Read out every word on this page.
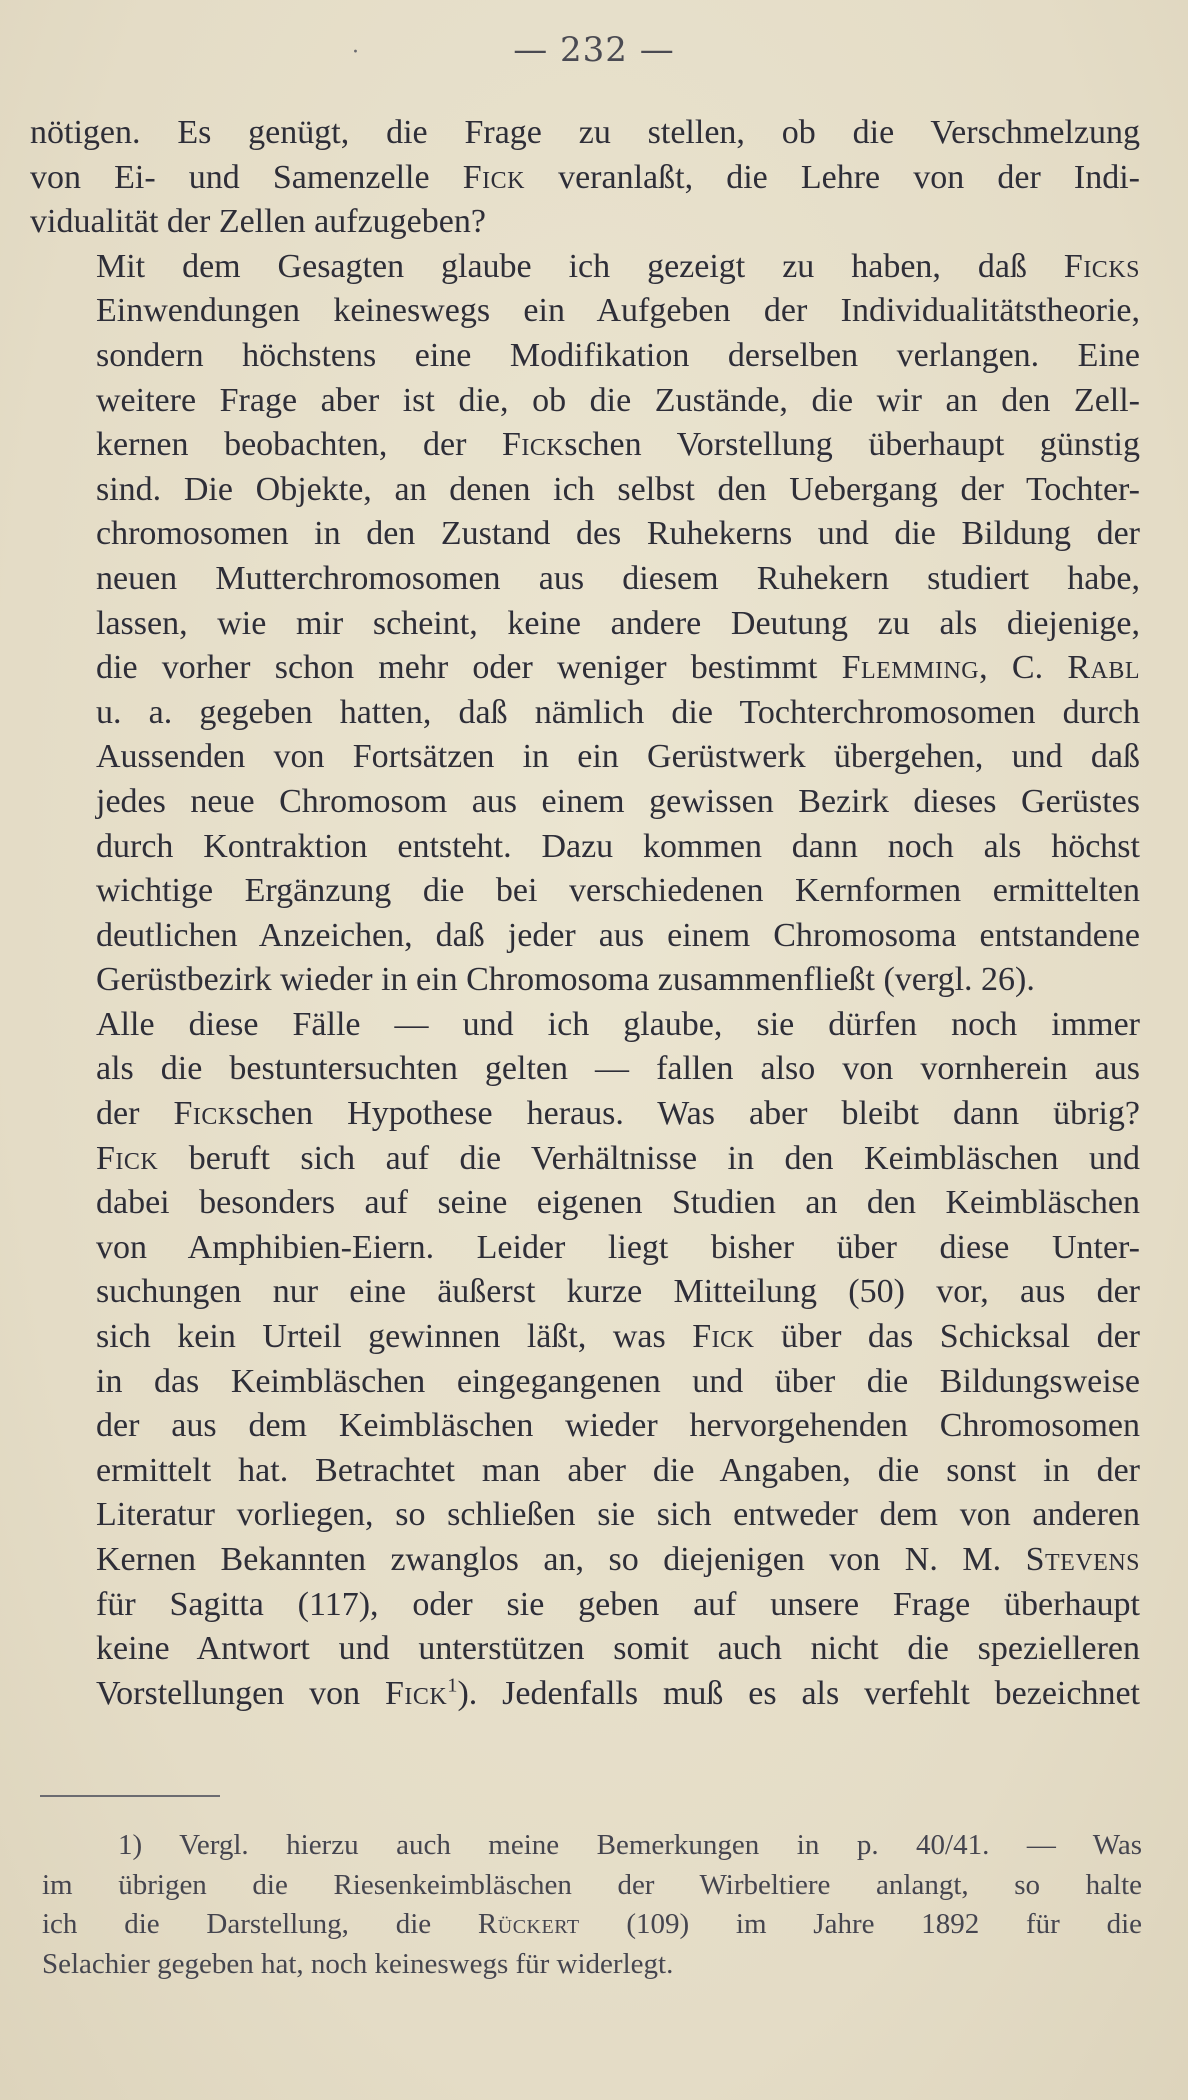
·	— 232 —

nötigen. Es genügt, die Frage zu stellen, ob die Verschmelzung
von Ei- und Samenzelle Fick veranlaßt, die Lehre von der Indi-
vidualität der Zellen aufzugeben?

Mit dem Gesagten glaube ich gezeigt zu haben, daß Ficks
Einwendungen keineswegs ein Aufgeben der Individualitätstheorie,
sondern höchstens eine Modifikation derselben verlangen. Eine
weitere Frage aber ist die, ob die Zustände, die wir an den Zell-
kernen beobachten, der Fickschen Vorstellung überhaupt günstig
sind. Die Objekte, an denen ich selbst den Uebergang der Tochter-
chromosomen in den Zustand des Ruhekerns und die Bildung der
neuen Mutterchromosomen aus diesem Ruhekern studiert habe,
lassen, wie mir scheint, keine andere Deutung zu als diejenige,
die vorher schon mehr oder weniger bestimmt Flemming, C. Rabl
u. a. gegeben hatten, daß nämlich die Tochterchromosomen durch
Aussenden von Fortsätzen in ein Gerüstwerk übergehen, und daß
jedes neue Chromosom aus einem gewissen Bezirk dieses Gerüstes
durch Kontraktion entsteht. Dazu kommen dann noch als höchst
wichtige Ergänzung die bei verschiedenen Kernformen ermittelten
deutlichen Anzeichen, daß jeder aus einem Chromosoma entstandene
Gerüstbezirk wieder in ein Chromosoma zusammenfließt (vergl. 26).

Alle diese Fälle — und ich glaube, sie dürfen noch immer
als die bestuntersuchten gelten — fallen also von vornherein aus
der Fickschen Hypothese heraus. Was aber bleibt dann übrig?
Fick beruft sich auf die Verhältnisse in den Keimbläschen und
dabei besonders auf seine eigenen Studien an den Keimbläschen
von Amphibien-Eiern. Leider liegt bisher über diese Unter-
suchungen nur eine äußerst kurze Mitteilung (50) vor, aus der
sich kein Urteil gewinnen läßt, was Fick über das Schicksal der
in das Keimbläschen eingegangenen und über die Bildungsweise
der aus dem Keimbläschen wieder hervorgehenden Chromosomen
ermittelt hat. Betrachtet man aber die Angaben, die sonst in der
Literatur vorliegen, so schließen sie sich entweder dem von anderen
Kernen Bekannten zwanglos an, so diejenigen von N. M. Stevens
für Sagitta (117), oder sie geben auf unsere Frage überhaupt
keine Antwort und unterstützen somit auch nicht die spezielleren
Vorstellungen von Fick$^1$). Jedenfalls muß es als verfehlt bezeichnet

1) Vergl. hierzu auch meine Bemerkungen in p. 40/41. — Was
im übrigen die Riesenkeimbläschen der Wirbeltiere anlangt, so halte
ich die Darstellung, die Rückert (109) im Jahre 1892 für die
Selachier gegeben hat, noch keineswegs für widerlegt.
